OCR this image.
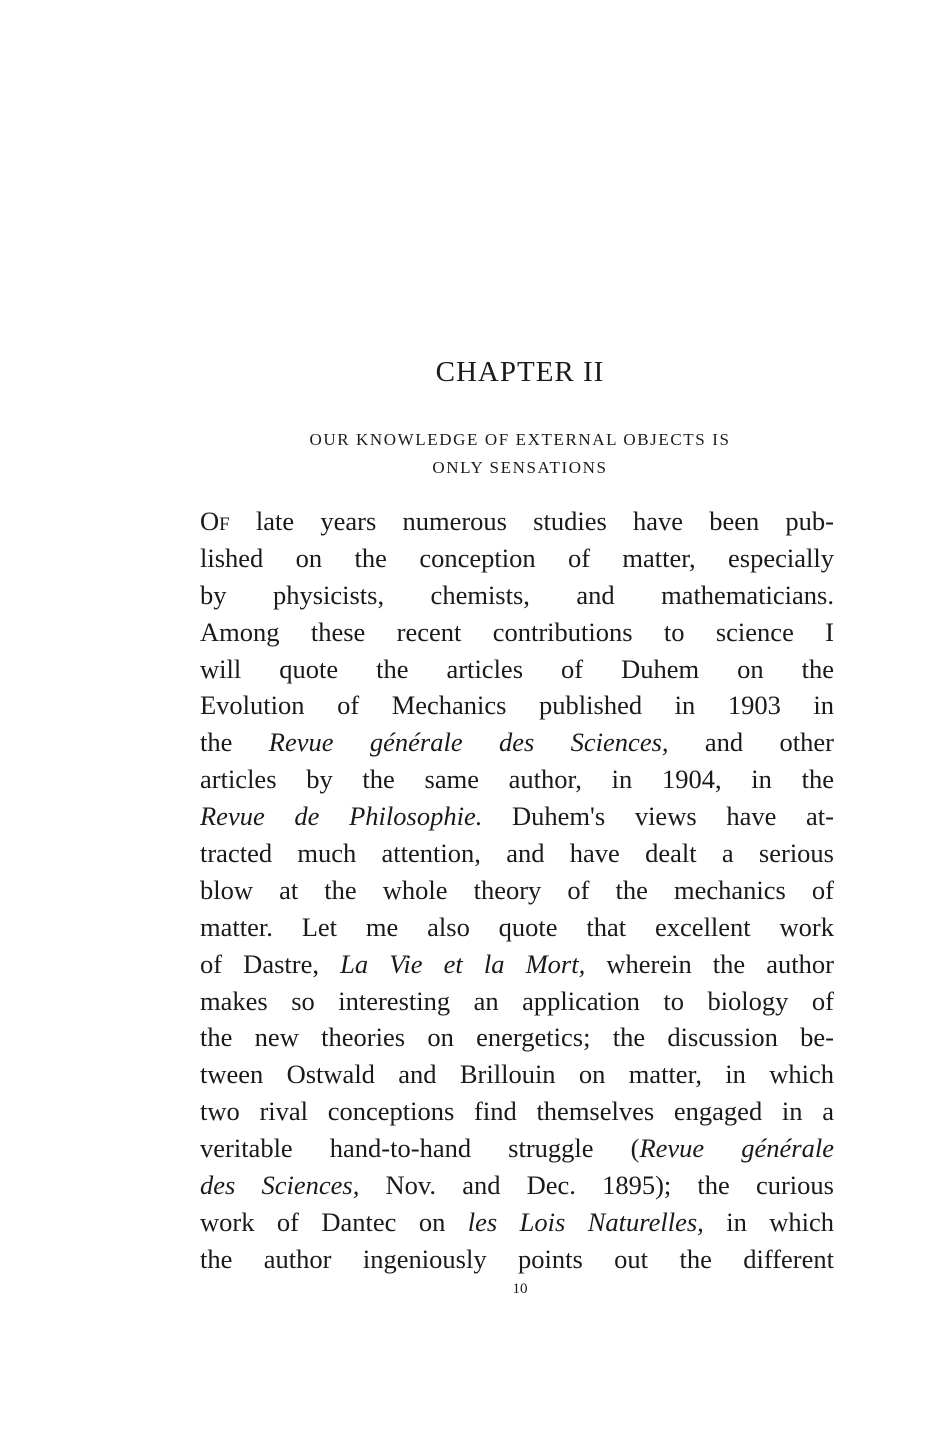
CHAPTER II
OUR KNOWLEDGE OF EXTERNAL OBJECTS IS
ONLY SENSATIONS
Of late years numerous studies have been pub-
lished on the conception of matter, especially
by physicists, chemists, and mathematicians.
Among these recent contributions to science I
will quote the articles of Duhem on the
Evolution of Mechanics published in 1903 in
the Revue générale des Sciences, and other
articles by the same author, in 1904, in the
Revue de Philosophie. Duhem's views have at-
tracted much attention, and have dealt a serious
blow at the whole theory of the mechanics of
matter. Let me also quote that excellent work
of Dastre, La Vie et la Mort, wherein the author
makes so interesting an application to biology of
the new theories on energetics; the discussion be-
tween Ostwald and Brillouin on matter, in which
two rival conceptions find themselves engaged in a
veritable hand-to-hand struggle (Revue générale
des Sciences, Nov. and Dec. 1895); the curious
work of Dantec on les Lois Naturelles, in which
the author ingeniously points out the different

10
